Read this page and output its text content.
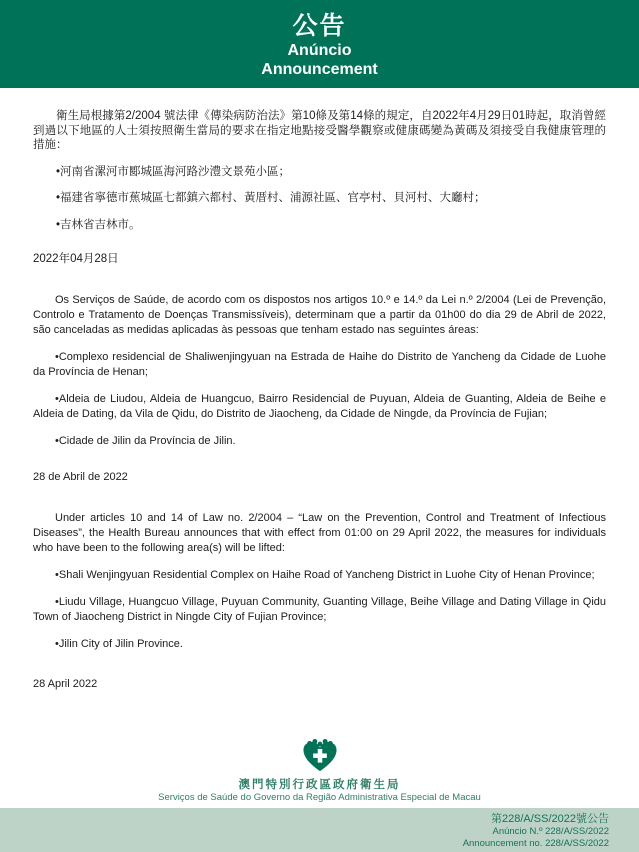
公告
Anúncio
Announcement

衛生局根據第2/2004 號法律《傳染病防治法》第10條及第14條的規定，自2022年4月29日01時起，取消曾經到過以下地區的人士須按照衛生當局的要求在指定地點接受醫學觀察或健康碼變為黃碼及須接受自我健康管理的措施：

• 河南省漯河市郾城區海河路沙澧文景苑小區；

• 福建省寧德市蕉城區七都鎮六都村、黃厝村、浦源社區、官亭村、貝河村、大廳村；

• 吉林省吉林市。

2022年04月28日

Os Serviços de Saúde, de acordo com os dispostos nos artigos 10.º e 14.º da Lei n.º 2/2004 (Lei de Prevenção, Controlo e Tratamento de Doenças Transmissíveis), determinam que a partir da 01h00 do dia 29 de Abril de 2022, são canceladas as medidas aplicadas às pessoas que tenham estado nas seguintes áreas:

• Complexo residencial de Shaliwenjingyuan na Estrada de Haihe do Distrito de Yancheng da Cidade de Luohe da Província de Henan;

• Aldeia de Liudou, Aldeia de Huangcuo, Bairro Residencial de Puyuan, Aldeia de Guanting, Aldeia de Beihe e Aldeia de Dating, da Vila de Qidu, do Distrito de Jiaocheng, da Cidade de Ningde, da Província de Fujian;

• Cidade de Jilin da Província de Jilin.

28 de Abril de 2022

Under articles 10 and 14 of Law no. 2/2004 – “Law on the Prevention, Control and Treatment of Infectious Diseases”, the Health Bureau announces that with effect from 01:00 on 29 April 2022, the measures for individuals who have been to the following area(s) will be lifted:

• Shali Wenjingyuan Residential Complex on Haihe Road of Yancheng District in Luohe City of Henan Province;

• Liudu Village, Huangcuo Village, Puyuan Community, Guanting Village, Beihe Village and Dating Village in Qidu Town of Jiaocheng District in Ningde City of Fujian Province;

• Jilin City of Jilin Province.

28 April 2022

澳門特別行政區政府衛生局

Serviços de Saúde do Governo da Região Administrativa Especial de Macau

第228/A/SS/2022號公告

Anúncio N.º 228/A/SS/2022

Announcement no. 228/A/SS/2022
